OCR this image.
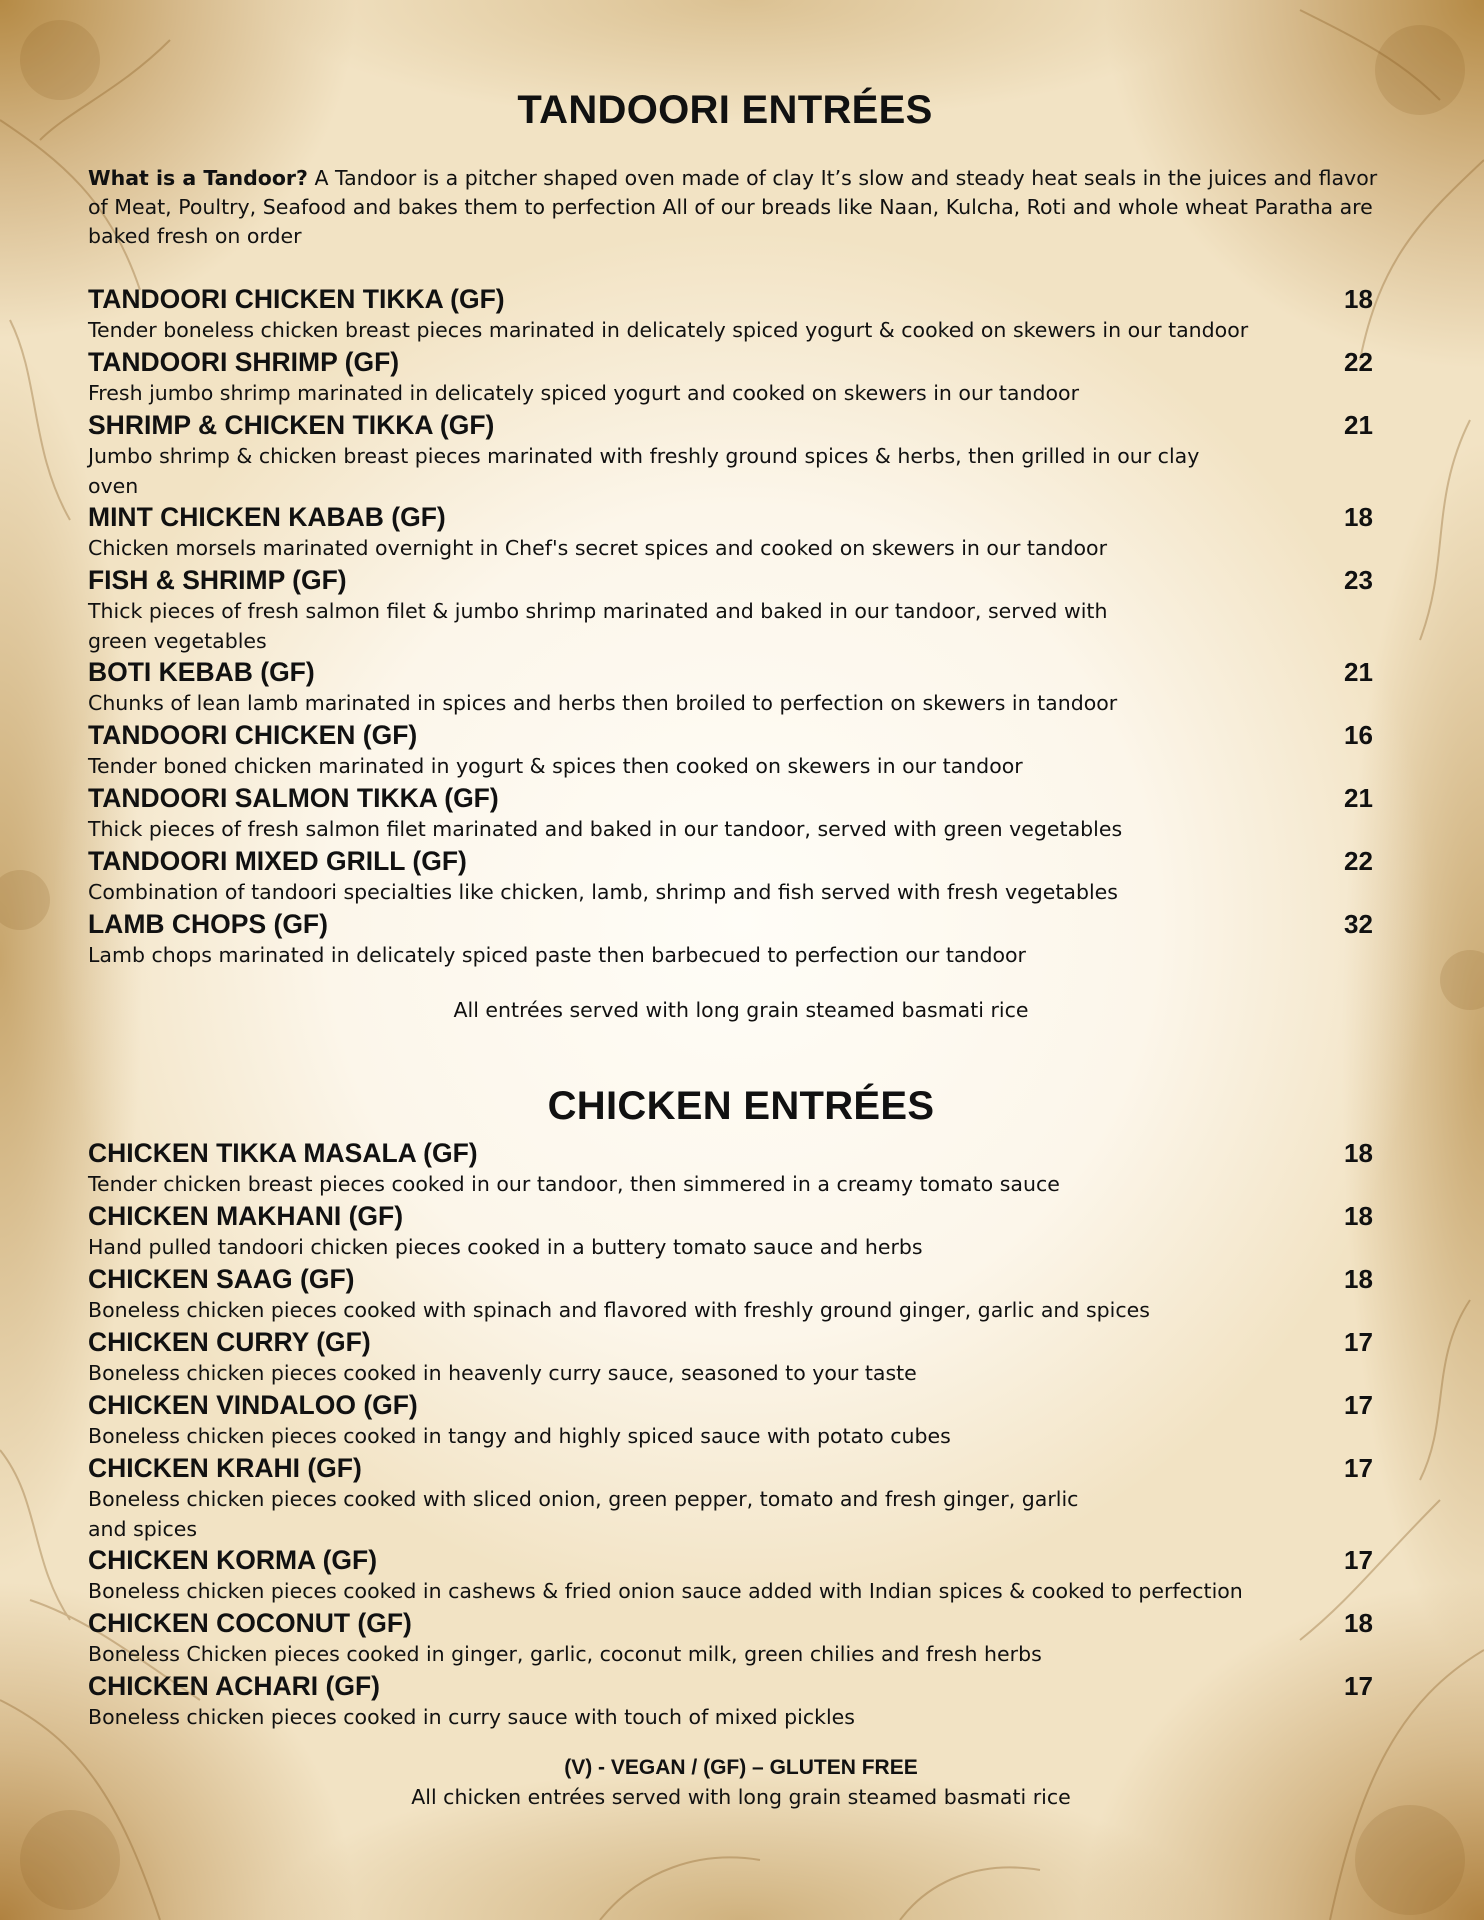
TANDOORI ENTRÉES
What is a Tandoor? A Tandoor is a pitcher shaped oven made of clay It’s slow and steady heat seals in the juices and flavor of Meat, Poultry, Seafood and bakes them to perfection All of our breads like Naan, Kulcha, Roti and whole wheat Paratha are baked fresh on order
TANDOORI CHICKEN TIKKA (GF)	18
Tender boneless chicken breast pieces marinated in delicately spiced yogurt & cooked on skewers in our tandoor
TANDOORI SHRIMP (GF)	22
Fresh jumbo shrimp marinated in delicately spiced yogurt and cooked on skewers in our tandoor
SHRIMP & CHICKEN TIKKA (GF)	21
Jumbo shrimp & chicken breast pieces marinated with freshly ground spices & herbs, then grilled in our clay oven
MINT CHICKEN KABAB (GF)	18
Chicken morsels marinated overnight in Chef's secret spices and cooked on skewers in our tandoor
FISH & SHRIMP (GF)	23
Thick pieces of fresh salmon filet & jumbo shrimp marinated and baked in our tandoor, served with green vegetables
BOTI KEBAB (GF)	21
Chunks of lean lamb marinated in spices and herbs then broiled to perfection on skewers in tandoor
TANDOORI CHICKEN (GF)	16
Tender boned chicken marinated in yogurt & spices then cooked on skewers in our tandoor
TANDOORI SALMON TIKKA (GF)	21
Thick pieces of fresh salmon filet marinated and baked in our tandoor, served with green vegetables
TANDOORI MIXED GRILL (GF)	22
Combination of tandoori specialties like chicken, lamb, shrimp and fish served with fresh vegetables
LAMB CHOPS (GF)	32
Lamb chops marinated in delicately spiced paste then barbecued to perfection our tandoor
All entrées served with long grain steamed basmati rice
CHICKEN ENTRÉES
CHICKEN TIKKA MASALA (GF)	18
Tender chicken breast pieces cooked in our tandoor, then simmered in a creamy tomato sauce
CHICKEN MAKHANI (GF)	18
Hand pulled tandoori chicken pieces cooked in a buttery tomato sauce and herbs
CHICKEN SAAG (GF)	18
Boneless chicken pieces cooked with spinach and flavored with freshly ground ginger, garlic and spices
CHICKEN CURRY (GF)	17
Boneless chicken pieces cooked in heavenly curry sauce, seasoned to your taste
CHICKEN VINDALOO (GF)	17
Boneless chicken pieces cooked in tangy and highly spiced sauce with potato cubes
CHICKEN KRAHI (GF)	17
Boneless chicken pieces cooked with sliced onion, green pepper, tomato and fresh ginger, garlic and spices
CHICKEN KORMA (GF)	17
Boneless chicken pieces cooked in cashews & fried onion sauce added with Indian spices & cooked to perfection
CHICKEN COCONUT (GF)	18
Boneless Chicken pieces cooked in ginger, garlic, coconut milk, green chilies and fresh herbs
CHICKEN ACHARI (GF)	17
Boneless chicken pieces cooked in curry sauce with touch of mixed pickles
(V) - VEGAN / (GF) – GLUTEN FREE
All chicken entrées served with long grain steamed basmati rice
